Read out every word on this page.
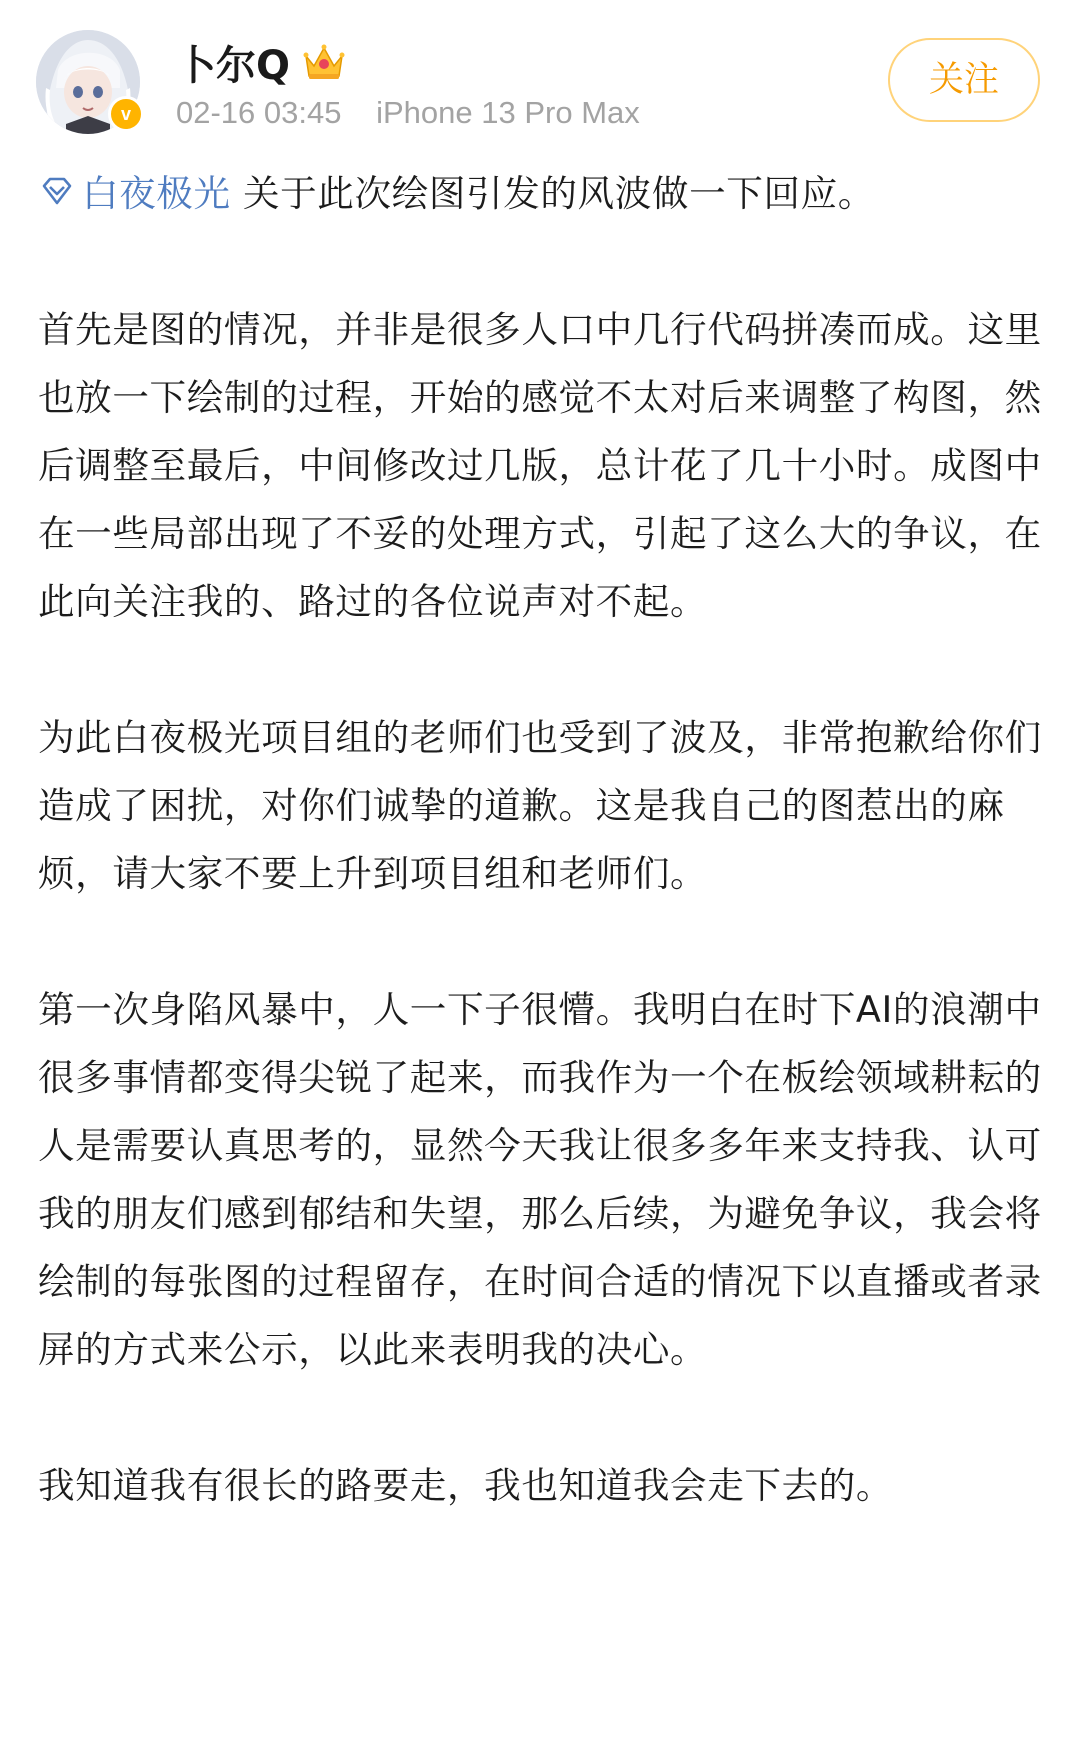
v
卜尔Q
02-16 03:45 iPhone 13 Pro Max
关注

白夜极光 关于此次绘图引发的风波做一下回应。

首先是图的情况，并非是很多人口中几行代码拼凑而成。这里也放一下绘制的过程，开始的感觉不太对后来调整了构图，然后调整至最后，中间修改过几版，总计花了几十小时。成图中在一些局部出现了不妥的处理方式，引起了这么大的争议，在此向关注我的、路过的各位说声对不起。

为此白夜极光项目组的老师们也受到了波及，非常抱歉给你们造成了困扰，对你们诚挚的道歉。这是我自己的图惹出的麻烦，请大家不要上升到项目组和老师们。

第一次身陷风暴中，人一下子很懵。我明白在时下AI的浪潮中很多事情都变得尖锐了起来，而我作为一个在板绘领域耕耘的人是需要认真思考的，显然今天我让很多多年来支持我、认可我的朋友们感到郁结和失望，那么后续，为避免争议，我会将绘制的每张图的过程留存，在时间合适的情况下以直播或者录屏的方式来公示，以此来表明我的决心。

我知道我有很长的路要走，我也知道我会走下去的。
